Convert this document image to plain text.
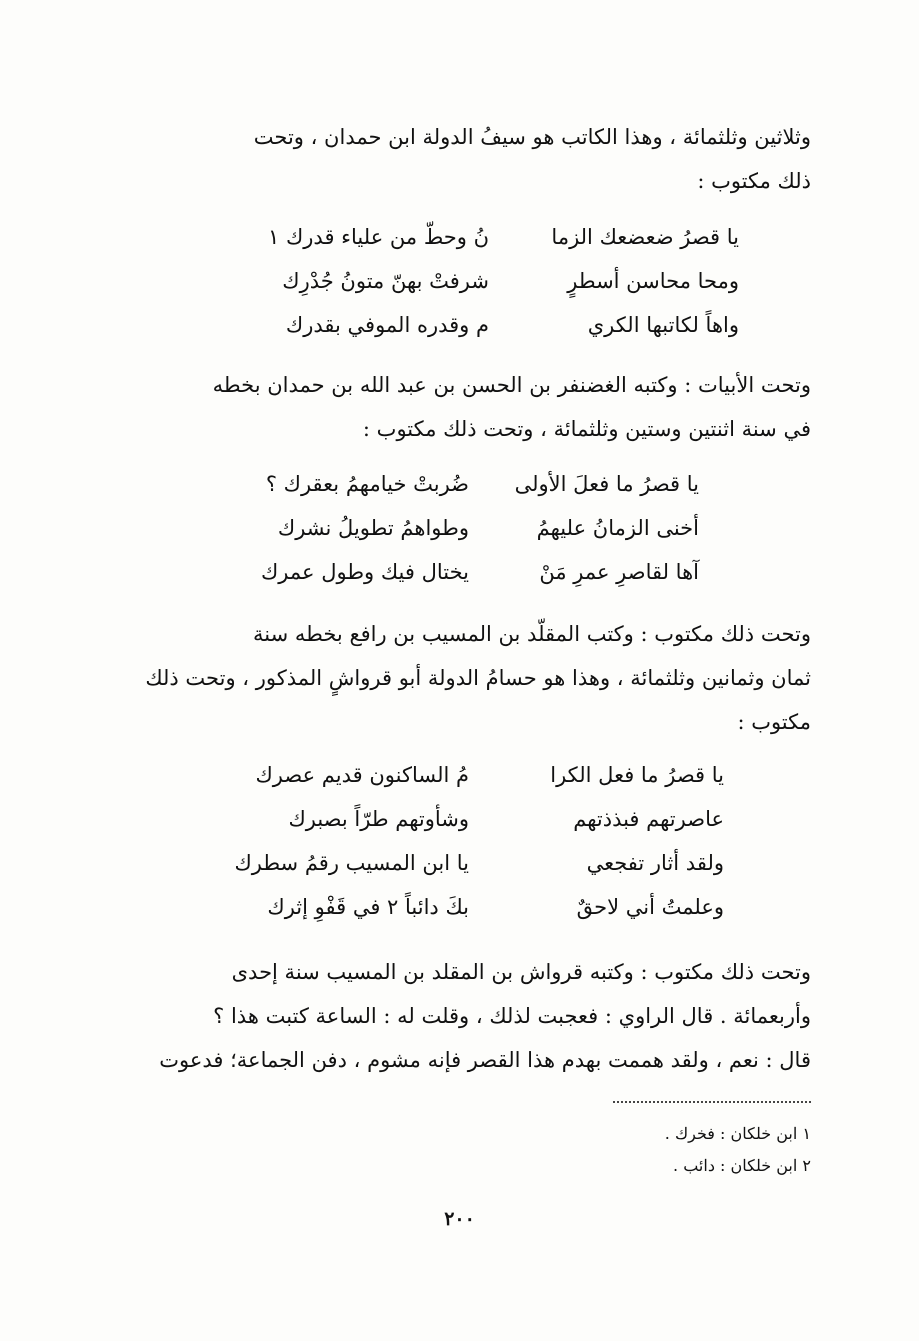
وثلاثين وثلثمائة ، وهذا الكاتب هو سيفُ الدولة ابن حمدان ، وتحت
ذلك مكتوب :
يا قصرُ ضعضعك الزما
نُ وحطّ من علياء قدرك ١
ومحا محاسن أسطرٍ
شرفتْ بهنّ متونُ جُدْرِك
واهاً لكاتبها الكري
م وقدره الموفي بقدرك
وتحت الأبيات : وكتبه الغضنفر بن الحسن بن عبد الله بن حمدان بخطه
في سنة اثنتين وستين وثلثمائة ، وتحت ذلك مكتوب :
يا قصرُ ما فعلَ الأولى
ضُربتْ خيامهمُ بعقرك ؟
أخنى الزمانُ عليهمُ
وطواهمُ تطويلُ نشرك
آها لقاصرِ عمرِ مَنْ
يختال فيك وطول عمرك
وتحت ذلك مكتوب : وكتب المقلّد بن المسيب بن رافع بخطه سنة
ثمان وثمانين وثلثمائة ، وهذا هو حسامُ الدولة أبو قرواشٍ المذكور ، وتحت ذلك
مكتوب :
يا قصرُ ما فعل الكرا
مُ الساكنون قديم عصرك
عاصرتهم فبذذتهم
وشأوتهم طرّاً بصبرك
ولقد أثار تفجعي
يا ابن المسيب رقمُ سطرك
وعلمتُ أني لاحقٌ
بكَ دائباً ٢ في قَفْوِ إثرك
وتحت ذلك مكتوب : وكتبه قرواش بن المقلد بن المسيب سنة إحدى
وأربعمائة . قال الراوي : فعجبت لذلك ، وقلت له : الساعة كتبت هذا ؟
قال : نعم ، ولقد هممت بهدم هذا القصر فإنه مشوم ، دفن الجماعة؛ فدعوت
١ ابن خلكان : فخرك .
٢ ابن خلكان : دائب .
٢٠٠
